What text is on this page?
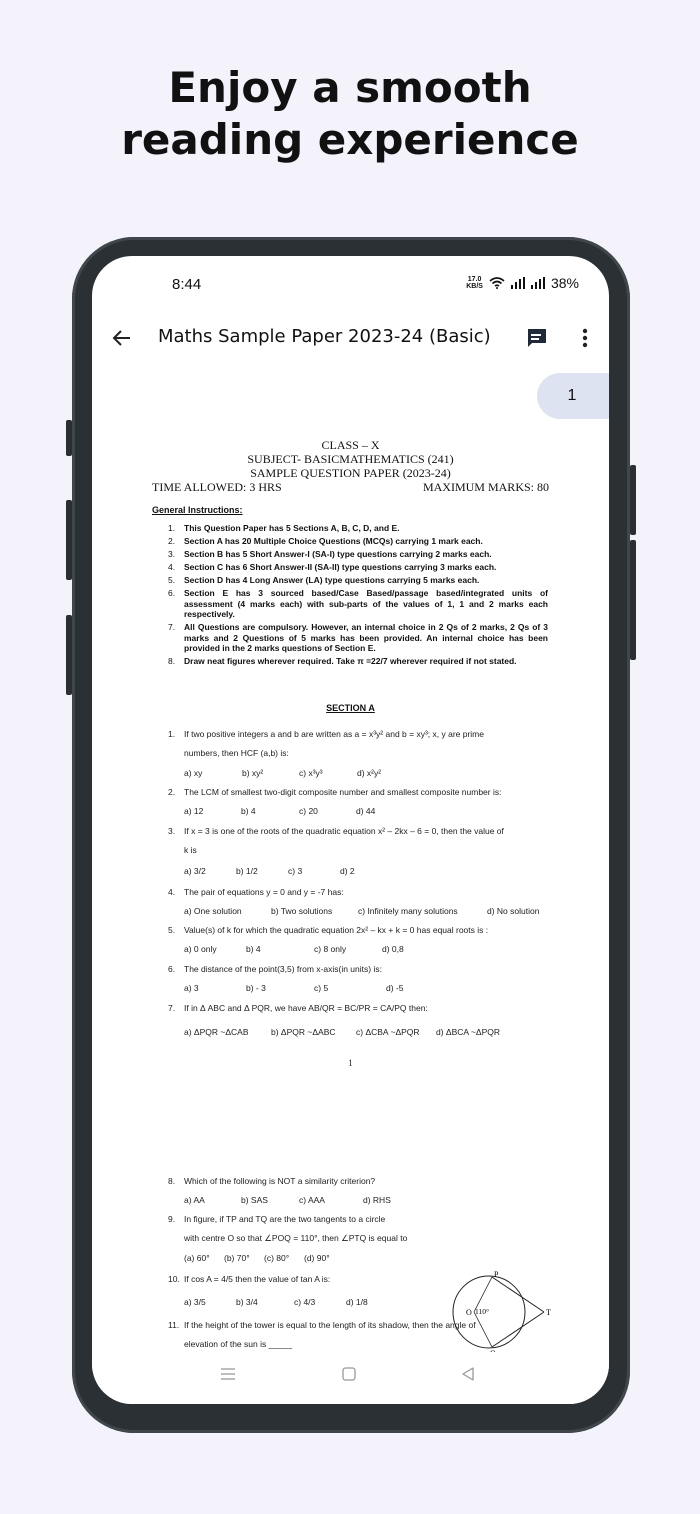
Enjoy a smooth
reading experience
8:44	17.0
KB/S	38%
Maths Sample Paper 2023-24 (Basic)
1
CLASS – X
SUBJECT- BASICMATHEMATICS (241)
SAMPLE QUESTION PAPER (2023-24)
TIME ALLOWED: 3 HRS	MAXIMUM MARKS: 80
General Instructions:
1.	This Question Paper has 5 Sections A, B, C, D, and E.
2.	Section A has 20 Multiple Choice Questions (MCQs) carrying 1 mark each.
3.	Section B has 5 Short Answer-I (SA-I) type questions carrying 2 marks each.
4.	Section C has 6 Short Answer-II (SA-II) type questions carrying 3 marks each.
5.	Section D has 4 Long Answer (LA) type questions carrying 5 marks each.
6.	Section E has 3 sourced based/Case Based/passage based/integrated units of assessment (4 marks each) with sub-parts of the values of 1, 1 and 2 marks each respectively.
7.	All Questions are compulsory. However, an internal choice in 2 Qs of 2 marks, 2 Qs of 3 marks and 2 Questions of 5 marks has been provided. An internal choice has been provided in the 2 marks questions of Section E.
8.	Draw neat figures wherever required. Take π =22/7 wherever required if not stated.
SECTION A
1. If two positive integers a and b are written as a = x³y² and b = xy³; x, y are prime
numbers, then HCF (a,b) is:
a) xy	b) xy²	c) x³y³	d) x²y²
2. The LCM of smallest two-digit composite number and smallest composite number is:
a) 12	b) 4	c) 20	d) 44
3. If x = 3 is one of the roots of the quadratic equation x² – 2kx – 6 = 0, then the value of
k is
a) 3/2	b) 1/2	c) 3	d) 2
4. The pair of equations y = 0 and y = -7 has:
a) One solution	b) Two solutions	c) Infinitely many solutions	d) No solution
5. Value(s) of k for which the quadratic equation 2x² – kx + k = 0 has equal roots is :
a) 0 only	b) 4	c) 8 only	d) 0,8
6. The distance of the point(3,5) from x-axis(in units) is:
a) 3	b) - 3	c) 5	d) -5
7. If in Δ ABC and Δ PQR, we have AB/QR = BC/PR = CA/PQ then:
a) ΔPQR ~ΔCAB	b) ΔPQR ~ΔABC	c) ΔCBA ~ΔPQR	d) ΔBCA ~ΔPQR
1
8. Which of the following is NOT a similarity criterion?
a) AA	b) SAS	c) AAA	d) RHS
9. In figure, if TP and TQ are the two tangents to a circle
with centre O so that ∠POQ = 110°, then ∠PTQ is equal to
(a) 60°	(b) 70°	(c) 80°	(d) 90°
10. If cos A = 4/5 then the value of tan A is:
a) 3/5	b) 3/4	c) 4/3	d) 1/8
11. If the height of the tower is equal to the length of its shadow, then the angle of
elevation of the sun is _____
P
T
O 110°
